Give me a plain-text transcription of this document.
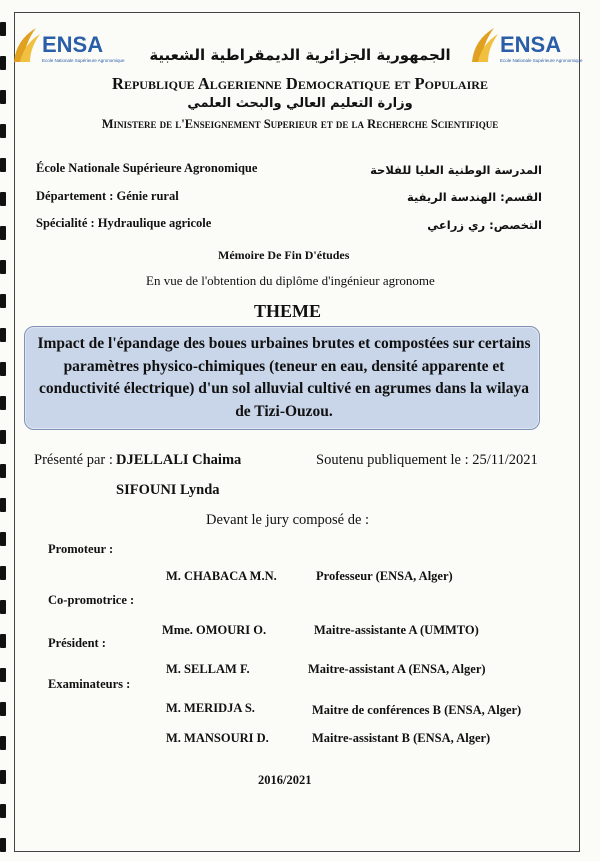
ENSA
Ecole Nationale Supérieure Agronomique
ENSA
Ecole Nationale Supérieure Agronomique
الجمهورية الجزائرية الديمقراطية الشعبية
Republique Algerienne Democratique et Populaire
وزارة التعليم العالي والبحث العلمي
Ministere de l'Enseignement Superieur et de la Recherche Scientifique
École Nationale Supérieure Agronomique	المدرسة الوطنية العليا للفلاحة
Département : Génie rural	القسم: الهندسة الريفية
Spécialité : Hydraulique agricole	التخصص: ري زراعي
Mémoire De Fin D'études
En vue de l'obtention du diplôme d'ingénieur agronome
THEME
Impact de l'épandage des boues urbaines brutes et compostées sur certains paramètres physico-chimiques (teneur en eau, densité apparente et conductivité électrique) d'un sol alluvial cultivé en agrumes dans la wilaya de Tizi-Ouzou.
Présenté par : DJELLALI Chaima
SIFOUNI Lynda
Soutenu publiquement le : 25/11/2021
Devant le jury composé de :
Promoteur :
M. CHABACA M.N.	Professeur (ENSA, Alger)
Co-promotrice :
Mme. OMOURI O.	Maitre-assistante A (UMMTO)
Président :
M. SELLAM F.	Maitre-assistant A (ENSA, Alger)
Examinateurs :
M. MERIDJA S.	Maitre de conférences B (ENSA, Alger)
M. MANSOURI D.	Maitre-assistant B (ENSA, Alger)
2016/2021
